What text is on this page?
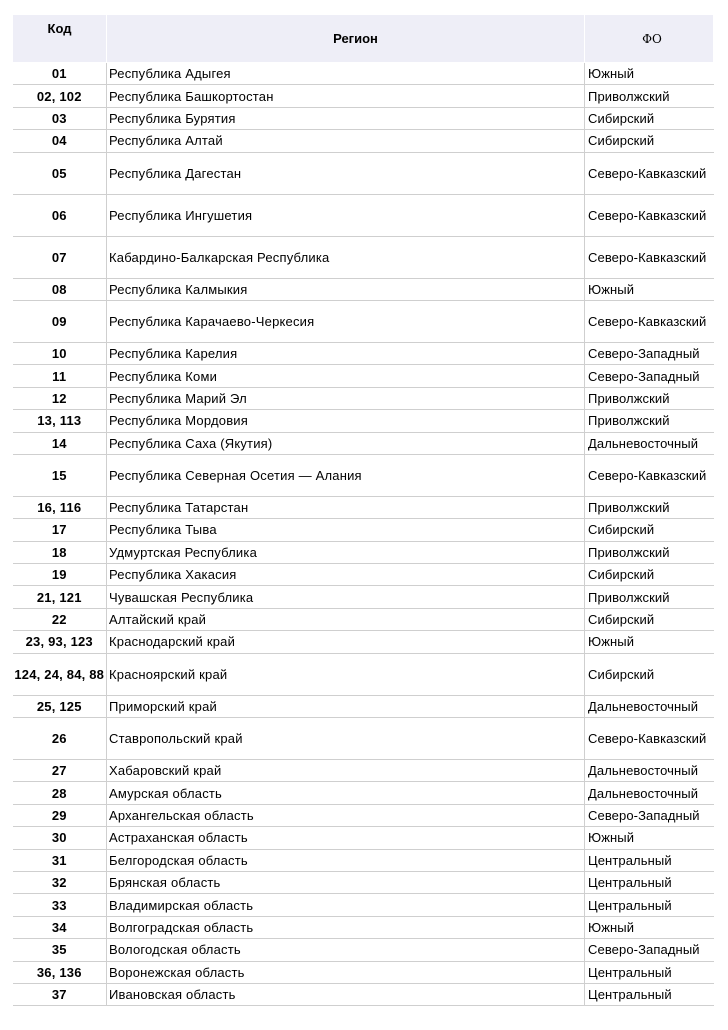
Код	Регион	ФО
01	Республика Адыгея	Южный
02, 102	Республика Башкортостан	Приволжский
03	Республика Бурятия	Сибирский
04	Республика Алтай	Сибирский
05	Республика Дагестан	Северо-Кавказский
06	Республика Ингушетия	Северо-Кавказский
07	Кабардино-Балкарская Республика	Северо-Кавказский
08	Республика Калмыкия	Южный
09	Республика Карачаево-Черкесия	Северо-Кавказский
10	Республика Карелия	Северо-Западный
11	Республика Коми	Северо-Западный
12	Республика Марий Эл	Приволжский
13, 113	Республика Мордовия	Приволжский
14	Республика Саха (Якутия)	Дальневосточный
15	Республика Северная Осетия — Алания	Северо-Кавказский
16, 116	Республика Татарстан	Приволжский
17	Республика Тыва	Сибирский
18	Удмуртская Республика	Приволжский
19	Республика Хакасия	Сибирский
21, 121	Чувашская Республика	Приволжский
22	Алтайский край	Сибирский
23, 93, 123	Краснодарский край	Южный
124, 24, 84, 88	Красноярский край	Сибирский
25, 125	Приморский край	Дальневосточный
26	Ставропольский край	Северо-Кавказский
27	Хабаровский край	Дальневосточный
28	Амурская область	Дальневосточный
29	Архангельская область	Северо-Западный
30	Астраханская область	Южный
31	Белгородская область	Центральный
32	Брянская область	Центральный
33	Владимирская область	Центральный
34	Волгоградская область	Южный
35	Вологодская область	Северо-Западный
36, 136	Воронежская область	Центральный
37	Ивановская область	Центральный
